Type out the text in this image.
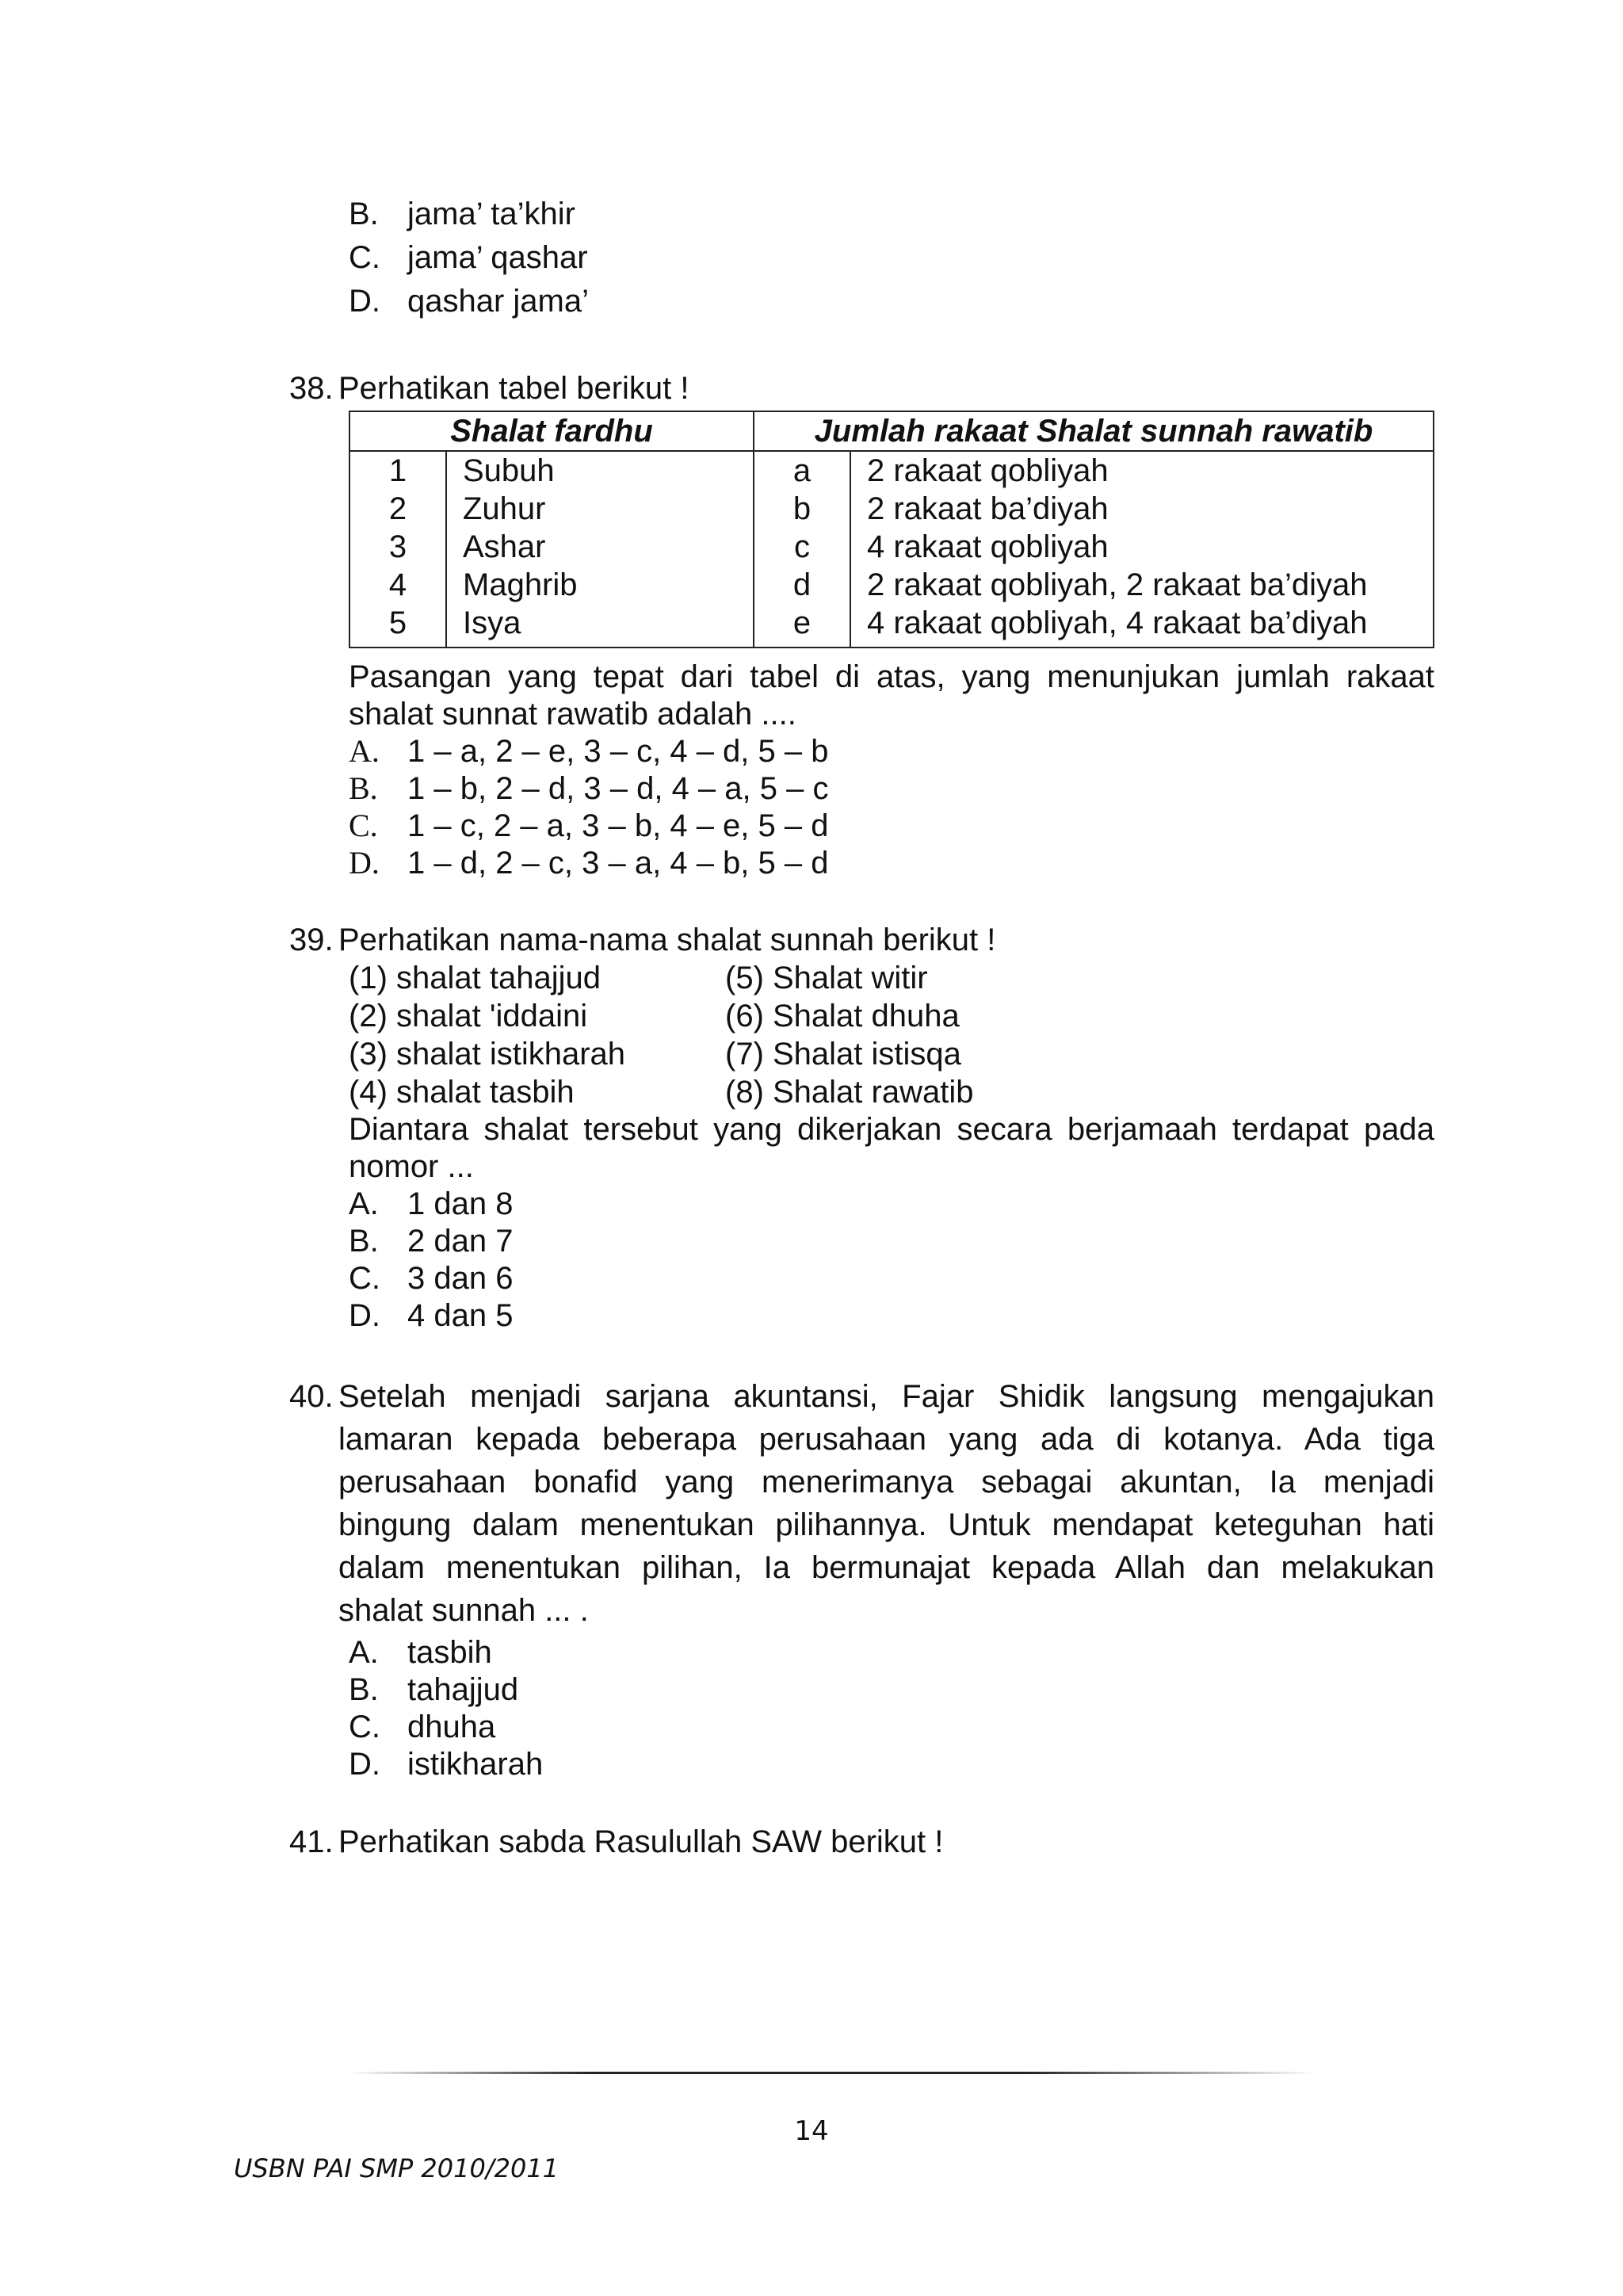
B. jama’ ta’khir
C. jama’ qashar
D. qashar jama’
38. Perhatikan tabel berikut !
Shalat fardhu		Jumlah rakaat Shalat sunnah rawatib	
1	Subuh	a	2 rakaat qobliyah
2	Zuhur	b	2 rakaat ba’diyah
3	Ashar	c	4 rakaat qobliyah
4	Maghrib	d	2 rakaat qobliyah, 2 rakaat ba’diyah
5	Isya	e	4 rakaat qobliyah, 4 rakaat ba’diyah
Pasangan yang tepat dari tabel di atas, yang menunjukan jumlah rakaat
shalat sunnat rawatib adalah ....
A. 1 – a, 2 – e, 3 – c, 4 – d, 5 – b
B. 1 – b, 2 – d, 3 – d, 4 – a, 5 – c
C. 1 – c, 2 – a, 3 – b, 4 – e, 5 – d
D. 1 – d, 2 – c, 3 – a, 4 – b, 5 – d
39. Perhatikan nama-nama shalat sunnah berikut !
(1) shalat tahajjud
(2) shalat 'iddaini
(3) shalat istikharah
(4) shalat tasbih
(5) Shalat witir
(6) Shalat dhuha
(7) Shalat istisqa
(8) Shalat rawatib
Diantara shalat tersebut yang dikerjakan secara berjamaah terdapat pada
nomor ...
A. 1 dan 8
B. 2 dan 7
C. 3 dan 6
D. 4 dan 5
40. Setelah menjadi sarjana akuntansi, Fajar Shidik langsung mengajukan
lamaran kepada beberapa perusahaan yang ada di kotanya. Ada tiga
perusahaan bonafid yang menerimanya sebagai akuntan, Ia menjadi
bingung dalam menentukan pilihannya. Untuk mendapat keteguhan hati
dalam menentukan pilihan, Ia bermunajat kepada Allah dan melakukan
shalat sunnah ... .
A. tasbih
B. tahajjud
C. dhuha
D. istikharah
41. Perhatikan sabda Rasulullah SAW berikut !
14
USBN PAI SMP 2010/2011
